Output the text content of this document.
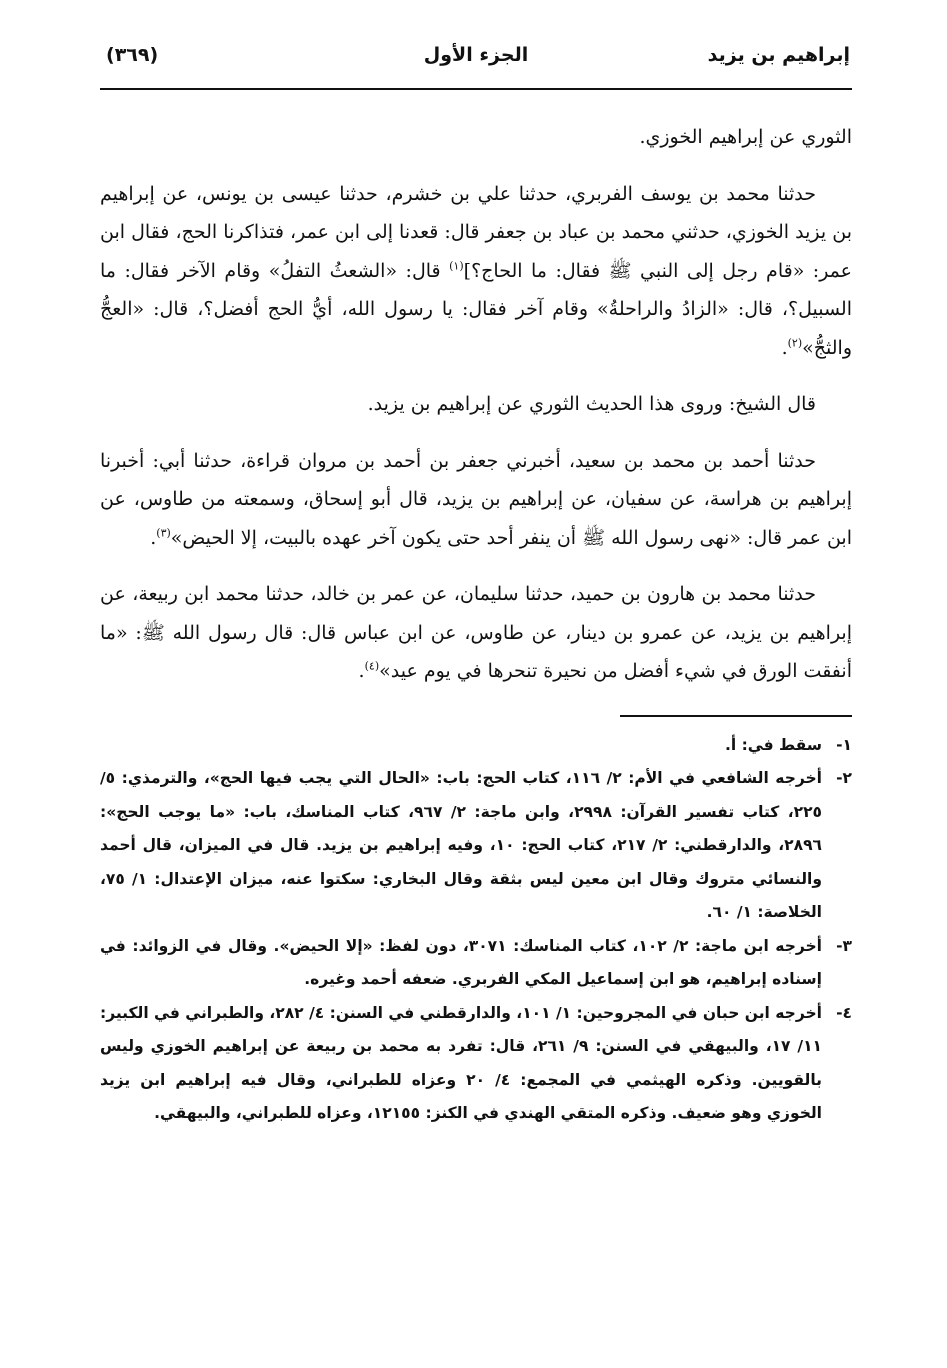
إبراهيم بن يزيد
الجزء الأول
(٣٦٩)

الثوري عن إبراهيم الخوزي.

حدثنا محمد بن يوسف الفربري، حدثنا علي بن خشرم، حدثنا عيسى بن يونس، عن إبراهيم بن يزيد الخوزي، حدثني محمد بن عباد بن جعفر قال: قعدنا إلى ابن عمر، فتذاكرنا الحج، فقال ابن عمر: «قام رجل إلى النبي ﷺ فقال: ما الحاج؟]$^{(١)}$ قال: «الشعثُ التفلُ» وقام الآخر فقال: ما السبيل؟، قال: «الزادُ والراحلةُ» وقام آخر فقال: يا رسول الله، أيُّ الحج أفضل؟، قال: «العجُّ والثجُّ»$^{(٢)}$.

قال الشيخ: وروى هذا الحديث الثوري عن إبراهيم بن يزيد.

حدثنا أحمد بن محمد بن سعيد، أخبرني جعفر بن أحمد بن مروان قراءة، حدثنا أبي: أخبرنا إبراهيم بن هراسة، عن سفيان، عن إبراهيم بن يزيد، قال أبو إسحاق، وسمعته من طاوس، عن ابن عمر قال: «نهى رسول الله ﷺ أن ينفر أحد حتى يكون آخر عهده بالبيت، إلا الحيض»$^{(٣)}$.

حدثنا محمد بن هارون بن حميد، حدثنا سليمان، عن عمر بن خالد، حدثنا محمد ابن ربيعة، عن إبراهيم بن يزيد، عن عمرو بن دينار، عن طاوس، عن ابن عباس قال: قال رسول الله ﷺ: «ما أنفقت الورق في شيء أفضل من نحيرة تنحرها في يوم عيد»$^{(٤)}$.

١-
سقط في: أ.
٢-
أخرجه الشافعي في الأم: ٢/ ١١٦، كتاب الحج: باب: «الحال التي يجب فيها الحج»، والترمذي: ٥/ ٢٢٥، كتاب تفسير القرآن: ٢٩٩٨، وابن ماجة: ٢/ ٩٦٧، كتاب المناسك، باب: «ما يوجب الحج»: ٢٨٩٦، والدارقطني: ٢/ ٢١٧، كتاب الحج: ١٠، وفيه إبراهيم بن يزيد. قال في الميزان، قال أحمد والنسائي متروك وقال ابن معين ليس بثقة وقال البخاري: سكتوا عنه، ميزان الإعتدال: ١/ ٧٥، الخلاصة: ١/ ٦٠.
٣-
أخرجه ابن ماجة: ٢/ ١٠٢، كتاب المناسك: ٣٠٧١، دون لفظ: «إلا الحيض». وقال في الزوائد: في إسناده إبراهيم، هو ابن إسماعيل المكي الفربري. ضعفه أحمد وغيره.
٤-
أخرجه ابن حبان في المجروحين: ١/ ١٠١، والدارقطني في السنن: ٤/ ٢٨٢، والطبراني في الكبير: ١١/ ١٧، والبيهقي في السنن: ٩/ ٢٦١، قال: تفرد به محمد بن ربيعة عن إبراهيم الخوزي وليس بالقويين. وذكره الهيثمي في المجمع: ٤/ ٢٠ وعزاه للطبراني، وقال فيه إبراهيم ابن يزيد الخوزي وهو ضعيف. وذكره المتقي الهندي في الكنز: ١٢١٥٥، وعزاه للطبراني، والبيهقي.
